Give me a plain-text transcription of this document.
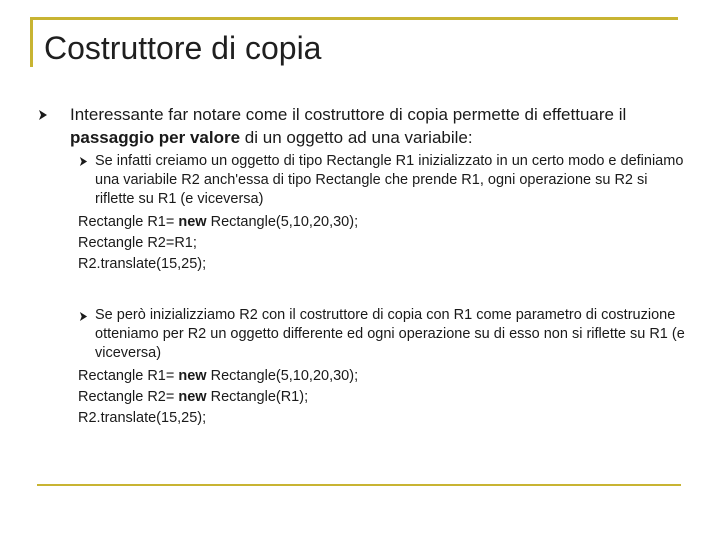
Costruttore di copia
Interessante far notare come il costruttore di copia permette di effettuare il passaggio per valore di un oggetto ad una variabile:
Se infatti creiamo un oggetto di tipo Rectangle R1 inizializzato in un certo modo e definiamo una variabile R2 anch'essa di tipo Rectangle che prende R1, ogni operazione su R2 si riflette su R1 (e viceversa)
Rectangle R1= new Rectangle(5,10,20,30);
Rectangle R2=R1;
R2.translate(15,25);
Se però inizializziamo R2 con il costruttore di copia con R1 come parametro di costruzione otteniamo per R2 un oggetto differente ed ogni operazione su di esso non si riflette su R1 (e viceversa)
Rectangle R1= new Rectangle(5,10,20,30);
Rectangle R2= new Rectangle(R1);
R2.translate(15,25);
